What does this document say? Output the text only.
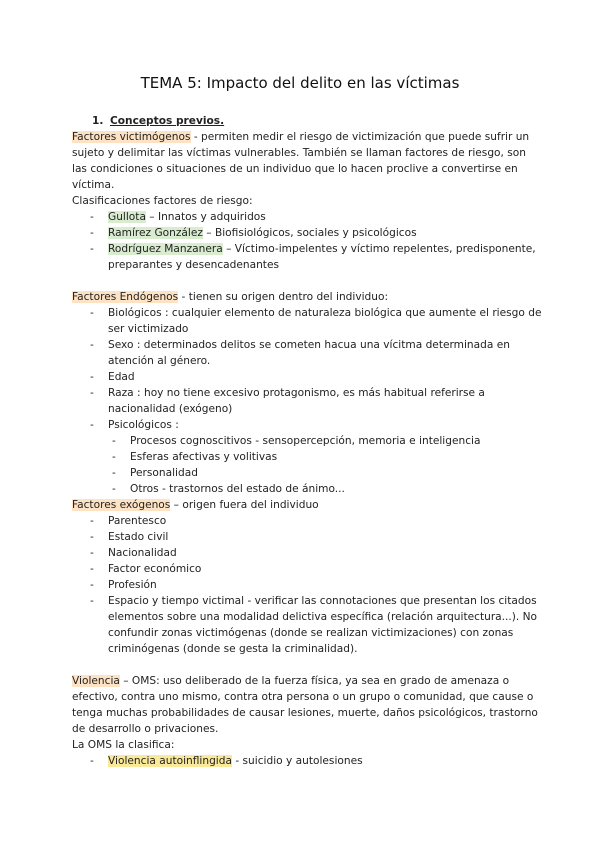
TEMA 5: Impacto del delito en las víctimas

1. Conceptos previos.

Factores victimógenos - permiten medir el riesgo de victimización que puede sufrir un sujeto y delimitar las víctimas vulnerables. También se llaman factores de riesgo, son las condiciones o situaciones de un individuo que lo hacen proclive a convertirse en víctima.

Clasificaciones factores de riesgo:

- Gullota – Innatos y adquiridos
- Ramírez González – Biofisiológicos, sociales y psicológicos
- Rodríguez Manzanera – Víctimo-impelentes y víctimo repelentes, predisponente, preparantes y desencadenantes

Factores Endógenos - tienen su origen dentro del individuo:

- Biológicos : cualquier elemento de naturaleza biológica que aumente el riesgo de ser victimizado
- Sexo : determinados delitos se cometen hacua una vícitma determinada en atención al género.
- Edad
- Raza : hoy no tiene excesivo protagonismo, es más habitual referirse a nacionalidad (exógeno)
- Psicológicos :
- Procesos cognoscitivos - sensopercepción, memoria e inteligencia
- Esferas afectivas y volitivas
- Personalidad
- Otros - trastornos del estado de ánimo...

Factores exógenos – origen fuera del individuo

- Parentesco
- Estado civil
- Nacionalidad
- Factor económico
- Profesión
- Espacio y tiempo victimal - verificar las connotaciones que presentan los citados elementos sobre una modalidad delictiva específica (relación arquitectura...). No confundir zonas victimógenas (donde se realizan victimizaciones) con zonas criminógenas (donde se gesta la criminalidad).

Violencia – OMS: uso deliberado de la fuerza física, ya sea en grado de amenaza o efectivo, contra uno mismo, contra otra persona o un grupo o comunidad, que cause o tenga muchas probabilidades de causar lesiones, muerte, daños psicológicos, trastorno de desarrollo o privaciones.

La OMS la clasifica:

- Violencia autoinflingida - suicidio y autolesiones
